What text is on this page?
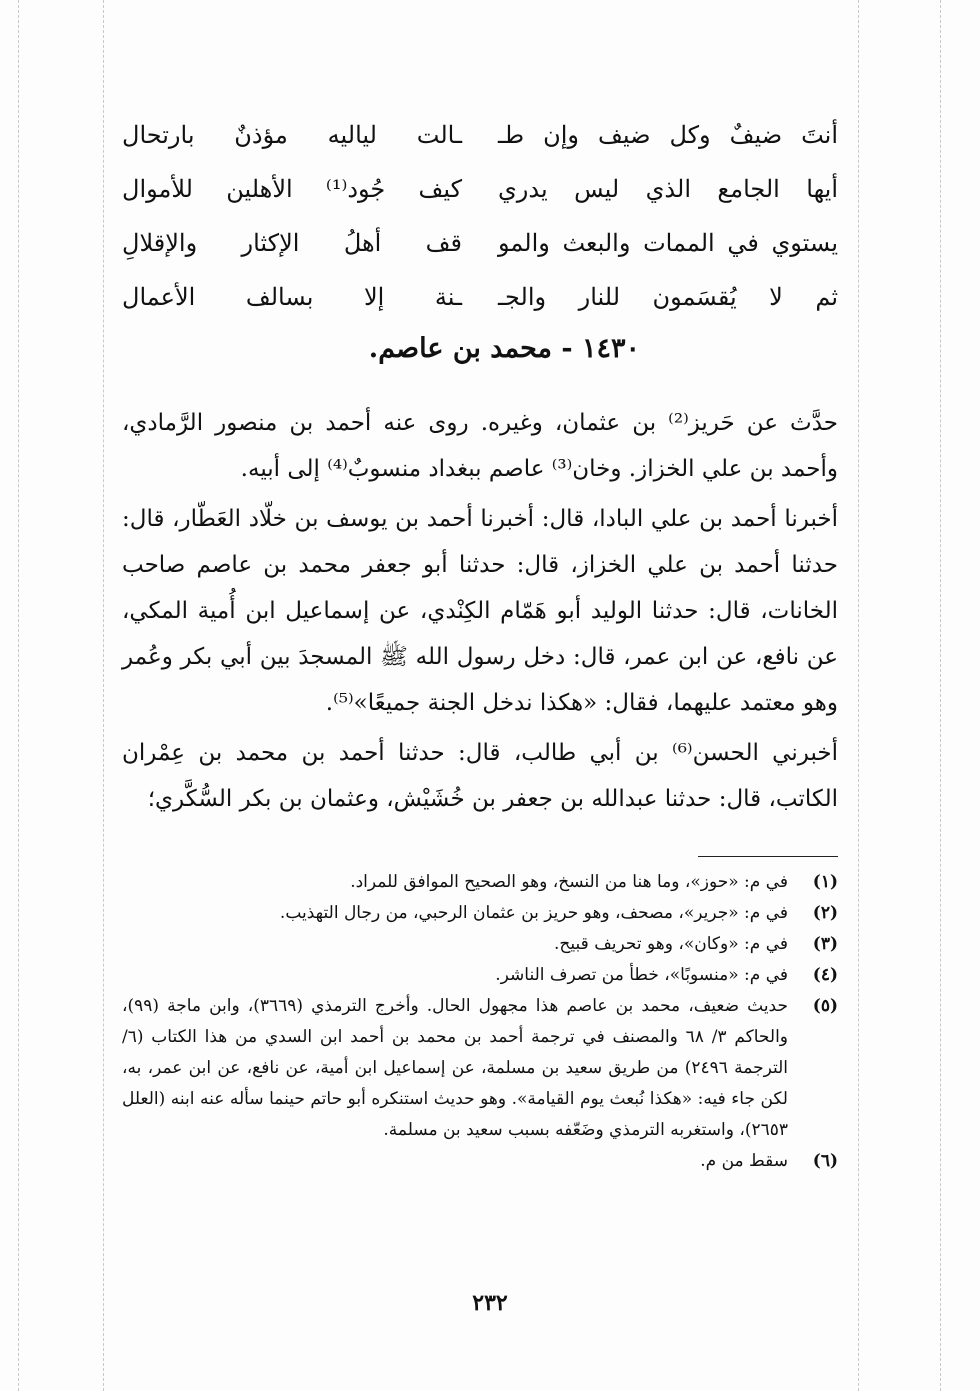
أنتَ ضيفٌ وكل ضيف وإن طـ
ـالت لياليه مؤذنٌ بارتحال
أيها الجامع الذي ليس يدري
كيف جُود⁽¹⁾ الأهلين للأموال
يستوي في الممات والبعث والمو
قف أهلُ الإكثار والإقلالِ
ثم لا يُقسَمون للنار والجـ
ـنة إلا بسالف الأعمال

١٤٣٠ - محمد بن عاصم.

حدَّث عن حَريز⁽²⁾ بن عثمان، وغيره. روى عنه أحمد بن منصور الرَّمادي، وأحمد بن علي الخزاز. وخان⁽³⁾ عاصم ببغداد منسوبٌ⁽⁴⁾ إلى أبيه.

أخبرنا أحمد بن علي البادا، قال: أخبرنا أحمد بن يوسف بن خلّاد العَطّار، قال: حدثنا أحمد بن علي الخزاز، قال: حدثنا أبو جعفر محمد بن عاصم صاحب الخانات، قال: حدثنا الوليد أبو هَمّام الكِنْدي، عن إسماعيل ابن أُمية المكي، عن نافع، عن ابن عمر، قال: دخل رسول الله ﷺ المسجدَ بين أبي بكر وعُمر وهو معتمد عليهما، فقال: «هكذا ندخل الجنة جميعًا»⁽⁵⁾.

أخبرني الحسن⁽⁶⁾ بن أبي طالب، قال: حدثنا أحمد بن محمد بن عِمْران الكاتب، قال: حدثنا عبدالله بن جعفر بن خُشَيْش، وعثمان بن بكر السُّكَّري؛

(١)
في م: «حوز»، وما هنا من النسخ، وهو الصحيح الموافق للمراد.
(٢)
في م: «جرير»، مصحف، وهو حريز بن عثمان الرحبي، من رجال التهذيب.
(٣)
في م: «وكان»، وهو تحريف قبيح.
(٤)
في م: «منسوبًا»، خطأ من تصرف الناشر.
(٥)
حديث ضعيف، محمد بن عاصم هذا مجهول الحال. وأخرج الترمذي (٣٦٦٩)، وابن ماجة (٩٩)، والحاكم ٣/ ٦٨ والمصنف في ترجمة أحمد بن محمد بن أحمد ابن السدي من هذا الكتاب (٦/ الترجمة ٢٤٩٦) من طريق سعيد بن مسلمة، عن إسماعيل ابن أمية، عن نافع، عن ابن عمر، به، لكن جاء فيه: «هكذا نُبعث يوم القيامة». وهو حديث استنكره أبو حاتم حينما سأله عنه ابنه (العلل ٢٦٥٣)، واستغربه الترمذي وضَعّفه بسبب سعيد بن مسلمة.
(٦)
سقط من م.
٢٣٢
